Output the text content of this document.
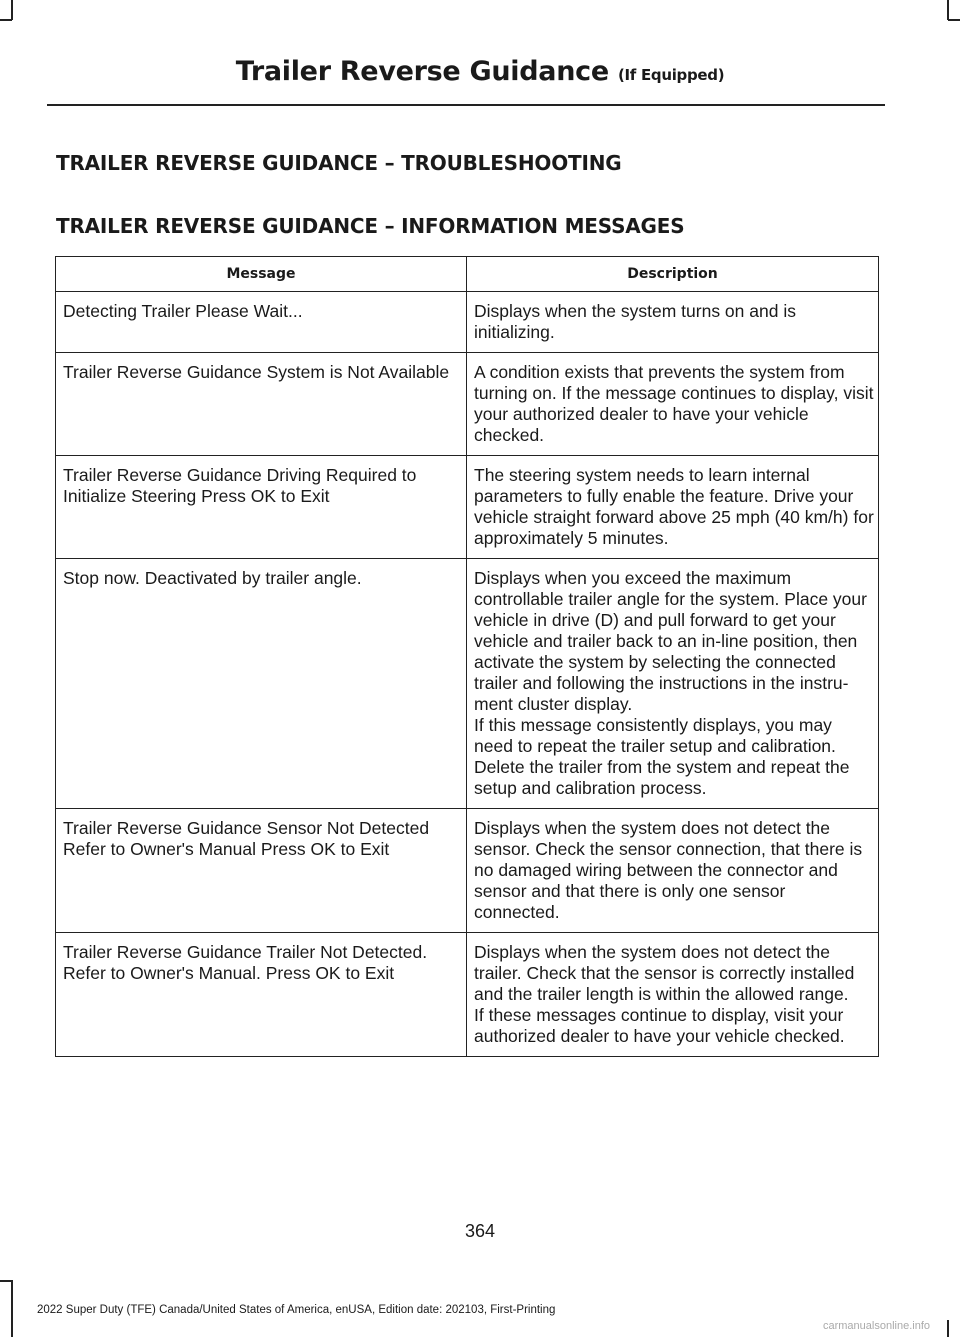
Trailer Reverse Guidance (If Equipped)
TRAILER REVERSE GUIDANCE – TROUBLESHOOTING
TRAILER REVERSE GUIDANCE – INFORMATION MESSAGES
Message	Description
Detecting Trailer Please Wait...	Displays when the system turns on and is initializing.

Trailer Reverse Guidance System is Not Available	A condition exists that prevents the system from turning on. If the message continues to display, visit your authorized dealer to have your vehicle checked.

Trailer Reverse Guidance Driving Required to Initialize Steering Press OK to Exit	The steering system needs to learn internal parameters to fully enable the feature. Drive your vehicle straight forward above 25 mph (40 km/h) for approximately 5 minutes.

Stop now. Deactivated by trailer angle.	Displays when you exceed the maximum controllable trailer angle for the system. Place your vehicle in drive (D) and pull forward to get your vehicle and trailer back to an in-line position, then activate the system by selecting the connected trailer and following the instructions in the instrument cluster display.
If this message consistently displays, you may need to repeat the trailer setup and calibration. Delete the trailer from the system and repeat the setup and calibration process.

Trailer Reverse Guidance Sensor Not Detected Refer to Owner's Manual Press OK to Exit	Displays when the system does not detect the sensor. Check the sensor connection, that there is no damaged wiring between the connector and sensor and that there is only one sensor connected.

Trailer Reverse Guidance Trailer Not Detected. Refer to Owner's Manual. Press OK to Exit	Displays when the system does not detect the trailer. Check that the sensor is correctly installed and the trailer length is within the allowed range.
If these messages continue to display, visit your authorized dealer to have your vehicle checked.
364
2022 Super Duty (TFE) Canada/United States of America, enUSA, Edition date: 202103, First-Printing
carmanualsonline.info
